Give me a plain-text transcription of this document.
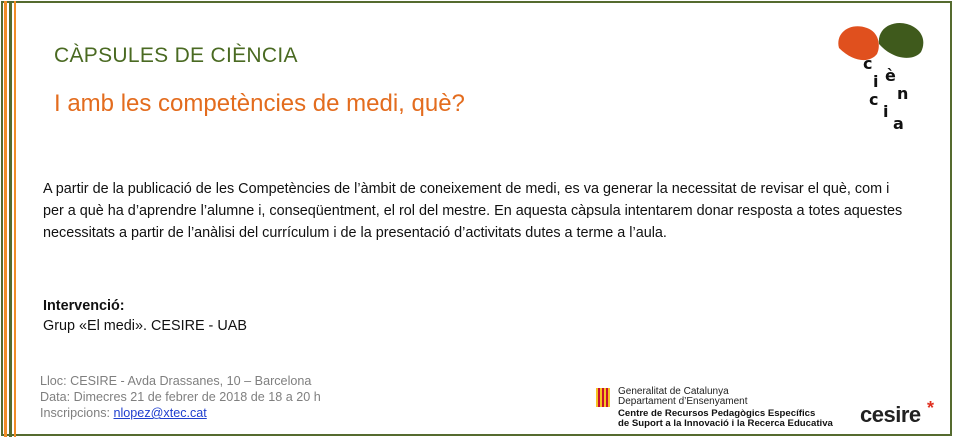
CÀPSULES DE CIÈNCIA
I amb les competències de medi, què?
A partir de la publicació de les Competències de l’àmbit de coneixement de medi, es va generar la necessitat de revisar el què, com i per a què ha d’aprendre l’alumne i, conseqüentment, el rol del mestre. En aquesta càpsula intentarem donar resposta a totes aquestes necessitats a partir de l’anàlisi del currículum i de la presentació d’activitats dutes a terme a l’aula.
Intervenció:
Grup «El medi». CESIRE - UAB
Lloc: CESIRE - Avda Drassanes, 10 – Barcelona
Data: Dimecres 21 de febrer de 2018 de 18 a 20 h
Inscripcions: nlopez@xtec.cat
c
i è
n
c
i
a
Generalitat de Catalunya
Departament d’Ensenyament
Centre de Recursos Pedagògics Específics
de Suport a la Innovació i la Recerca Educativa cesire *
